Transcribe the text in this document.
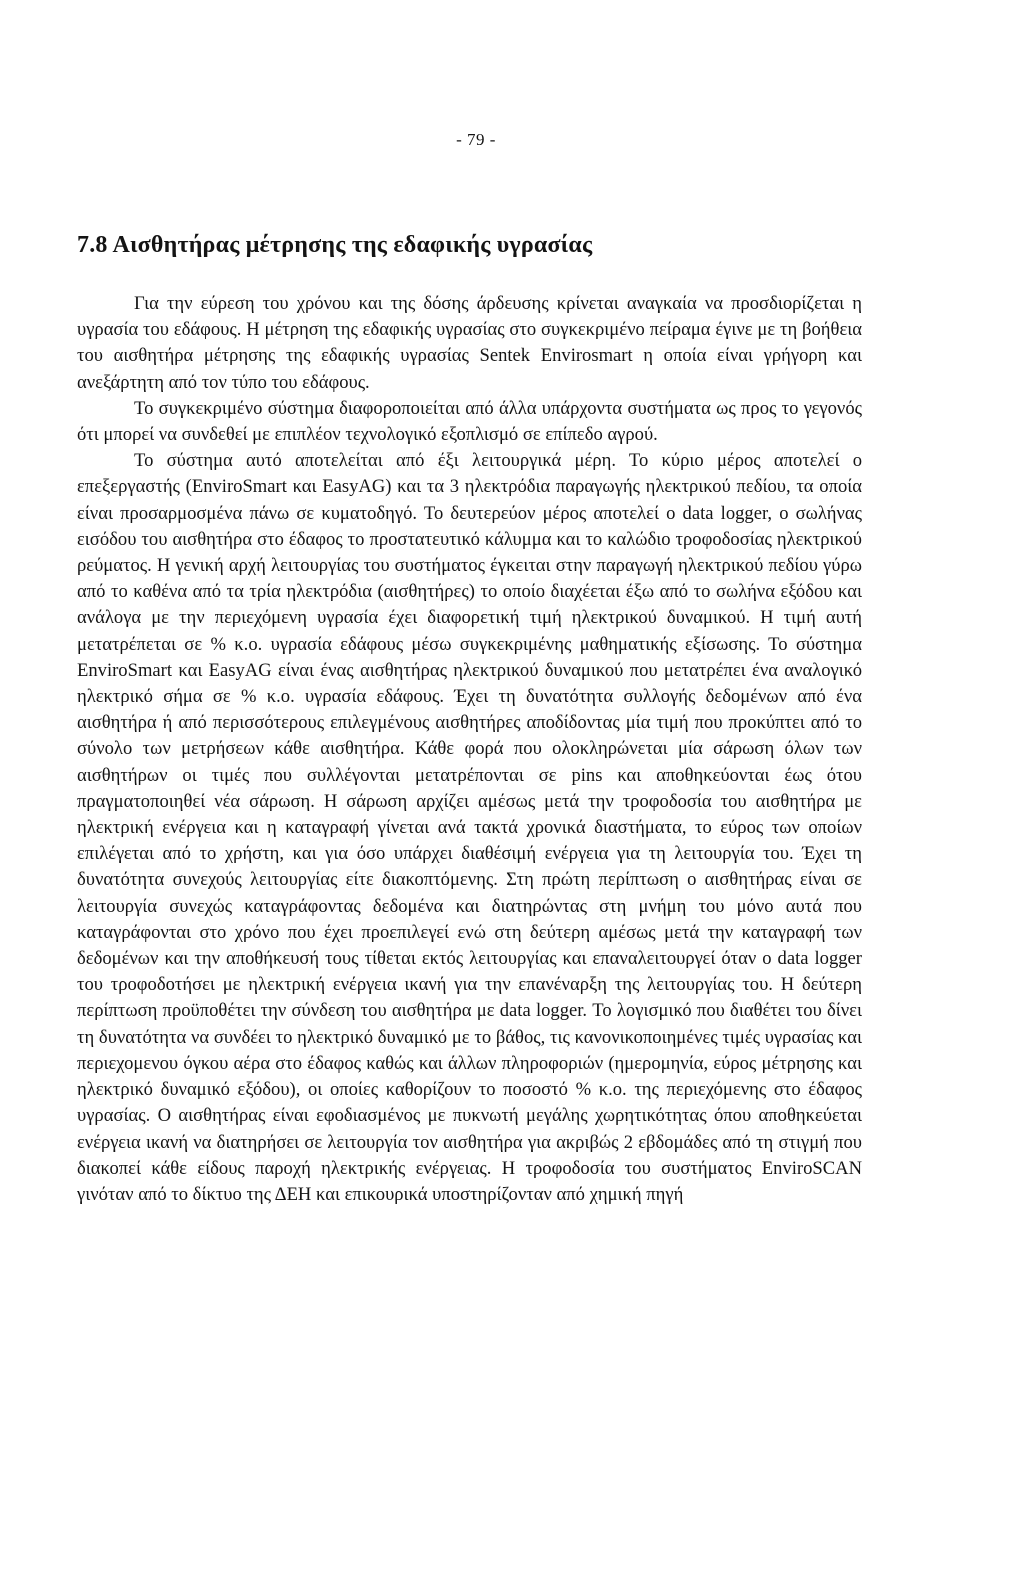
- 79 -
7.8 Αισθητήρας μέτρησης της εδαφικής υγρασίας

Για την εύρεση του χρόνου και της δόσης άρδευσης κρίνεται αναγκαία να προσδιορίζεται η υγρασία του εδάφους. Η μέτρηση της εδαφικής υγρασίας στο συγκεκριμένο πείραμα έγινε με τη βοήθεια του αισθητήρα μέτρησης της εδαφικής υγρασίας Sentek Envirosmart η οποία είναι γρήγορη και ανεξάρτητη από τον τύπο του εδάφους.

Το συγκεκριμένο σύστημα διαφοροποιείται από άλλα υπάρχοντα συστήματα ως προς το γεγονός ότι μπορεί να συνδεθεί με επιπλέον τεχνολογικό εξοπλισμό σε επίπεδο αγρού.

Το σύστημα αυτό αποτελείται από έξι λειτουργικά μέρη. Το κύριο μέρος αποτελεί ο επεξεργαστής (EnviroSmart και EasyAG) και τα 3 ηλεκτρόδια παραγωγής ηλεκτρικού πεδίου, τα οποία είναι προσαρμοσμένα πάνω σε κυματοδηγό. Το δευτερεύον μέρος αποτελεί ο data logger, ο σωλήνας εισόδου του αισθητήρα στο έδαφος το προστατευτικό κάλυμμα και το καλώδιο τροφοδοσίας ηλεκτρικού ρεύματος. Η γενική αρχή λειτουργίας του συστήματος έγκειται στην παραγωγή ηλεκτρικού πεδίου γύρω από το καθένα από τα τρία ηλεκτρόδια (αισθητήρες) το οποίο διαχέεται έξω από το σωλήνα εξόδου και ανάλογα με την περιεχόμενη υγρασία έχει διαφορετική τιμή ηλεκτρικού δυναμικού. Η τιμή αυτή μετατρέπεται σε % κ.ο. υγρασία εδάφους μέσω συγκεκριμένης μαθηματικής εξίσωσης. Το σύστημα EnviroSmart και EasyAG είναι ένας αισθητήρας ηλεκτρικού δυναμικού που μετατρέπει ένα αναλογικό ηλεκτρικό σήμα σε % κ.ο. υγρασία εδάφους. Έχει τη δυνατότητα συλλογής δεδομένων από ένα αισθητήρα ή από περισσότερους επιλεγμένους αισθητήρες αποδίδοντας μία τιμή που προκύπτει από το σύνολο των μετρήσεων κάθε αισθητήρα. Κάθε φορά που ολοκληρώνεται μία σάρωση όλων των αισθητήρων οι τιμές που συλλέγονται μετατρέπονται σε pins και αποθηκεύονται έως ότου πραγματοποιηθεί νέα σάρωση. Η σάρωση αρχίζει αμέσως μετά την τροφοδοσία του αισθητήρα με ηλεκτρική ενέργεια και η καταγραφή γίνεται ανά τακτά χρονικά διαστήματα, το εύρος των οποίων επιλέγεται από το χρήστη, και για όσο υπάρχει διαθέσιμή ενέργεια για τη λειτουργία του. Έχει τη δυνατότητα συνεχούς λειτουργίας είτε διακοπτόμενης. Στη πρώτη περίπτωση ο αισθητήρας είναι σε λειτουργία συνεχώς καταγράφοντας δεδομένα και διατηρώντας στη μνήμη του μόνο αυτά που καταγράφονται στο χρόνο που έχει προεπιλεγεί ενώ στη δεύτερη αμέσως μετά την καταγραφή των δεδομένων και την αποθήκευσή τους τίθεται εκτός λειτουργίας και επαναλειτουργεί όταν ο data logger του τροφοδοτήσει με ηλεκτρική ενέργεια ικανή για την επανέναρξη της λειτουργίας του. Η δεύτερη περίπτωση προϋποθέτει την σύνδεση του αισθητήρα με data logger. Το λογισμικό που διαθέτει του δίνει τη δυνατότητα να συνδέει το ηλεκτρικό δυναμικό με το βάθος, τις κανονικοποιημένες τιμές υγρασίας και περιεχομενου όγκου αέρα στο έδαφος καθώς και άλλων πληροφοριών (ημερομηνία, εύρος μέτρησης και ηλεκτρικό δυναμικό εξόδου), οι οποίες καθορίζουν το ποσοστό % κ.ο. της περιεχόμενης στο έδαφος υγρασίας. Ο αισθητήρας είναι εφοδιασμένος με πυκνωτή μεγάλης χωρητικότητας όπου αποθηκεύεται ενέργεια ικανή να διατηρήσει σε λειτουργία τον αισθητήρα για ακριβώς 2 εβδομάδες από τη στιγμή που διακοπεί κάθε είδους παροχή ηλεκτρικής ενέργειας. Η τροφοδοσία του συστήματος EnviroSCAN γινόταν από το δίκτυο της ΔΕΗ και επικουρικά υποστηρίζονταν από χημική πηγή
